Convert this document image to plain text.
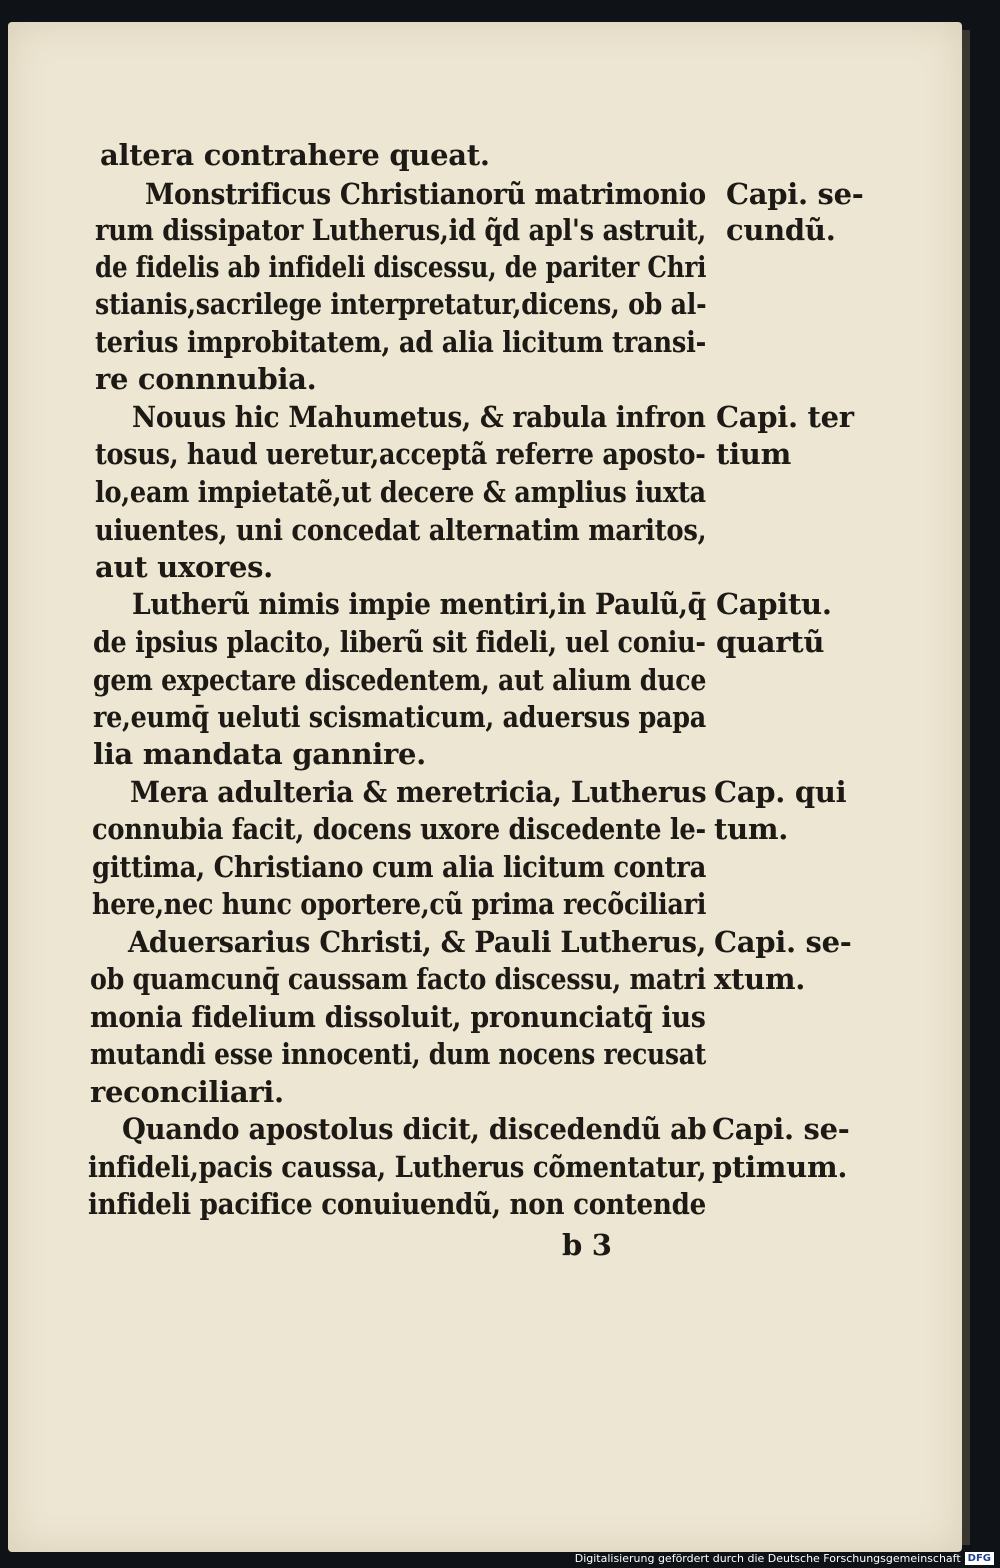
altera contrahere queat.
Monstrificus Christianorũ matrimonio
rum dissipator Lutherus,id q̃d apl's astruit,
de fidelis ab infideli discessu, de pariter Chri
stianis,sacrilege interpretatur,dicens, ob al-
terius improbitatem, ad alia licitum transi-
re connnubia.
Nouus hic Mahumetus, & rabula infron
tosus, haud ueretur,acceptã referre aposto-
lo,eam impietatẽ,ut decere & amplius iuxta
uiuentes, uni concedat alternatim maritos,
aut uxores.
Lutherũ nimis impie mentiri,in Paulũ,q̄
de ipsius placito, liberũ sit fideli, uel coniu-
gem expectare discedentem, aut alium duce
re,eumq̄ ueluti scismaticum, aduersus papa
lia mandata gannire.
Mera adulteria & meretricia, Lutherus
connubia facit, docens uxore discedente le-
gittima, Christiano cum alia licitum contra
here,nec hunc oportere,cũ prima recõciliari
Aduersarius Christi, & Pauli Lutherus,
ob quamcunq̄ caussam facto discessu, matri
monia fidelium dissoluit, pronunciatq̄ ius
mutandi esse innocenti, dum nocens recusat
reconciliari.
Quando apostolus dicit, discedendũ ab
infideli,pacis caussa, Lutherus cõmentatur,
infideli pacifice conuiuendũ, non contende
Capi. se-
cundũ.
Capi. ter
tium
Capitu.
quartũ
Cap. qui
tum.
Capi. se-
xtum.
Capi. se-
ptimum.
b 3
Digitalisierung gefördert durch die Deutsche Forschungsgemeinschaft DFG
